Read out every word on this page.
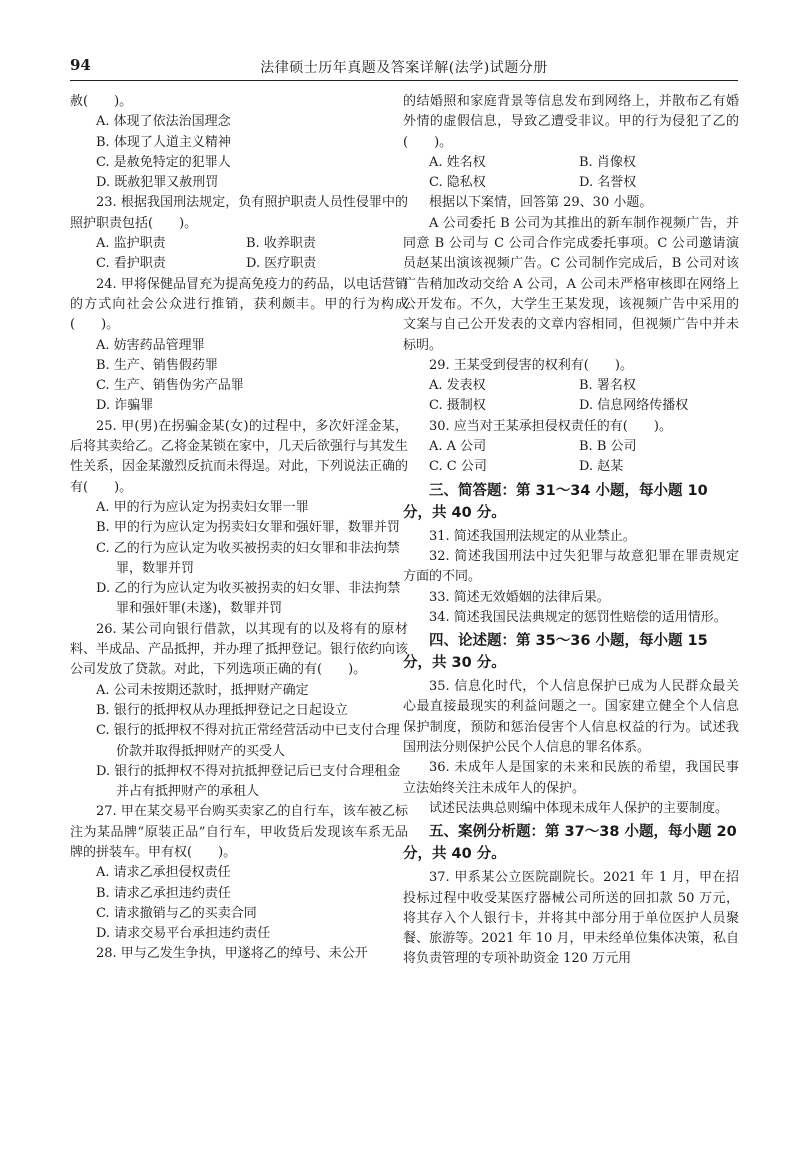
94	法律硕士历年真题及答案详解(法学)试题分册

赦(　　)。

A. 体现了依法治国理念

B. 体现了人道主义精神

C. 是赦免特定的犯罪人

D. 既赦犯罪又赦刑罚

23. 根据我国刑法规定，负有照护职责人员性侵罪中的照护职责包括(　　)。

A. 监护职责	B. 收养职责
C. 看护职责	D. 医疗职责

24. 甲将保健品冒充为提高免疫力的药品，以电话营销的方式向社会公众进行推销，获利颇丰。甲的行为构成(　　)。

A. 妨害药品管理罪

B. 生产、销售假药罪

C. 生产、销售伪劣产品罪

D. 诈骗罪

25. 甲(男)在拐骗金某(女)的过程中，多次奸淫金某，后将其卖给乙。乙将金某锁在家中，几天后欲强行与其发生性关系，因金某激烈反抗而未得逞。对此，下列说法正确的有(　　)。

A. 甲的行为应认定为拐卖妇女罪一罪

B. 甲的行为应认定为拐卖妇女罪和强奸罪，数罪并罚

C. 乙的行为应认定为收买被拐卖的妇女罪和非法拘禁罪，数罪并罚

D. 乙的行为应认定为收买被拐卖的妇女罪、非法拘禁罪和强奸罪(未遂)，数罪并罚

26. 某公司向银行借款，以其现有的以及将有的原材料、半成品、产品抵押，并办理了抵押登记。银行依约向该公司发放了贷款。对此，下列选项正确的有(　　)。

A. 公司未按期还款时，抵押财产确定

B. 银行的抵押权从办理抵押登记之日起设立

C. 银行的抵押权不得对抗正常经营活动中已支付合理价款并取得抵押财产的买受人

D. 银行的抵押权不得对抗抵押登记后已支付合理租金并占有抵押财产的承租人

27. 甲在某交易平台购买卖家乙的自行车，该车被乙标注为某品牌“原装正品”自行车，甲收货后发现该车系无品牌的拼装车。甲有权(　　)。

A. 请求乙承担侵权责任

B. 请求乙承担违约责任

C. 请求撤销与乙的买卖合同

D. 请求交易平台承担违约责任

28. 甲与乙发生争执，甲遂将乙的绰号、未公开

的结婚照和家庭背景等信息发布到网络上，并散布乙有婚外情的虚假信息，导致乙遭受非议。甲的行为侵犯了乙的(　　)。

A. 姓名权	B. 肖像权
C. 隐私权	D. 名誉权

根据以下案情，回答第 29、30 小题。

A 公司委托 B 公司为其推出的新车制作视频广告，并同意 B 公司与 C 公司合作完成委托事项。C 公司邀请演员赵某出演该视频广告。C 公司制作完成后，B 公司对该广告稍加改动交给 A 公司，A 公司未严格审核即在网络上公开发布。不久，大学生王某发现，该视频广告中采用的文案与自己公开发表的文章内容相同，但视频广告中并未标明。

29. 王某受到侵害的权利有(　　)。

A. 发表权	B. 署名权
C. 摄制权	D. 信息网络传播权

30. 应当对王某承担侵权责任的有(　　)。

A. A 公司	B. B 公司
C. C 公司	D. 赵某
三、简答题：第 31～34 小题，每小题 10 分，共 40 分。

31. 简述我国刑法规定的从业禁止。

32. 简述我国刑法中过失犯罪与故意犯罪在罪责规定方面的不同。

33. 简述无效婚姻的法律后果。

34. 简述我国民法典规定的惩罚性赔偿的适用情形。

四、论述题：第 35～36 小题，每小题 15 分，共 30 分。

35. 信息化时代，个人信息保护已成为人民群众最关心最直接最现实的利益问题之一。国家建立健全个人信息保护制度，预防和惩治侵害个人信息权益的行为。试述我国刑法分则保护公民个人信息的罪名体系。

36. 未成年人是国家的未来和民族的希望，我国民事立法始终关注未成年人的保护。

试述民法典总则编中体现未成年人保护的主要制度。

五、案例分析题：第 37～38 小题，每小题 20 分，共 40 分。

37. 甲系某公立医院副院长。2021 年 1 月，甲在招投标过程中收受某医疗器械公司所送的回扣款 50 万元，将其存入个人银行卡，并将其中部分用于单位医护人员聚餐、旅游等。2021 年 10 月，甲未经单位集体决策，私自将负责管理的专项补助资金 120 万元用
